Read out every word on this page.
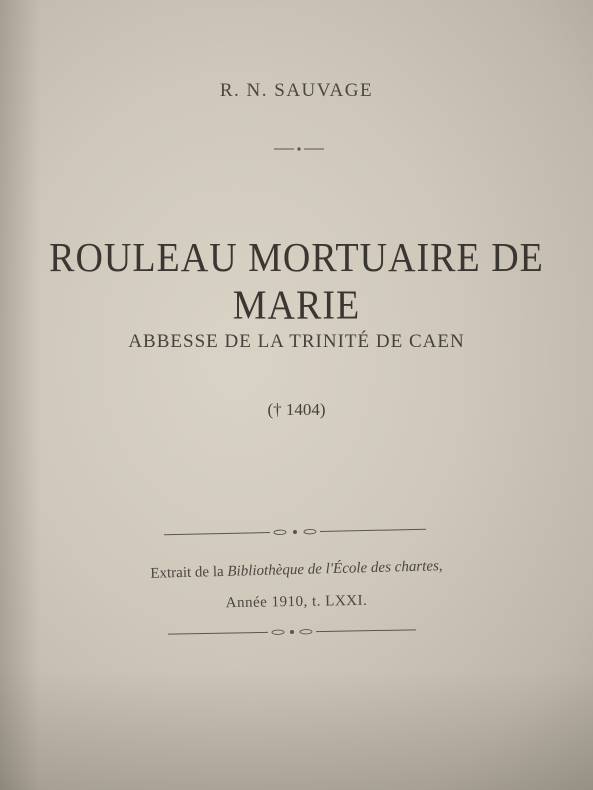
R. N. SAUVAGE
ROULEAU MORTUAIRE DE MARIE
ABBESSE DE LA TRINITÉ DE CAEN
(† 1404)
Extrait de la Bibliothèque de l'École des chartes,
Année 1910, t. LXXI.
